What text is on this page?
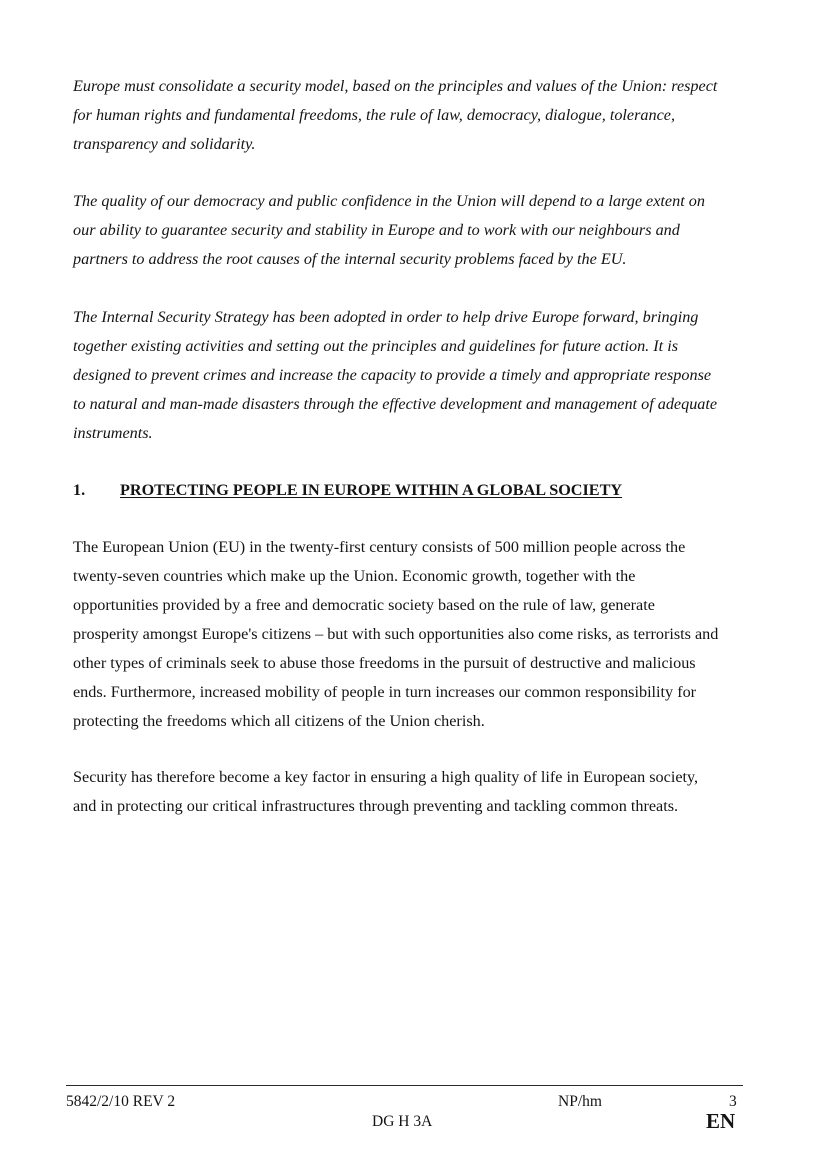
Europe must consolidate a security model, based on the principles and values of the Union: respect
for human rights and fundamental freedoms, the rule of law, democracy, dialogue, tolerance,
transparency and solidarity.

The quality of our democracy and public confidence in the Union will depend to a large extent on
our ability to guarantee security and stability in Europe and to work with our neighbours and
partners to address the root causes of the internal security problems faced by the EU.

The Internal Security Strategy has been adopted in order to help drive Europe forward, bringing
together existing activities and setting out the principles and guidelines for future action. It is
designed to prevent crimes and increase the capacity to provide a timely and appropriate response
to natural and man-made disasters through the effective development and management of adequate
instruments.

1. PROTECTING PEOPLE IN EUROPE WITHIN A GLOBAL SOCIETY

The European Union (EU) in the twenty-first century consists of 500 million people across the
twenty-seven countries which make up the Union. Economic growth, together with the
opportunities provided by a free and democratic society based on the rule of law, generate
prosperity amongst Europe's citizens – but with such opportunities also come risks, as terrorists and
other types of criminals seek to abuse those freedoms in the pursuit of destructive and malicious
ends. Furthermore, increased mobility of people in turn increases our common responsibility for
protecting the freedoms which all citizens of the Union cherish.

Security has therefore become a key factor in ensuring a high quality of life in European society,
and in protecting our critical infrastructures through preventing and tackling common threats.

5842/2/10 REV 2	NP/hm	3
DG H 3A	EN
